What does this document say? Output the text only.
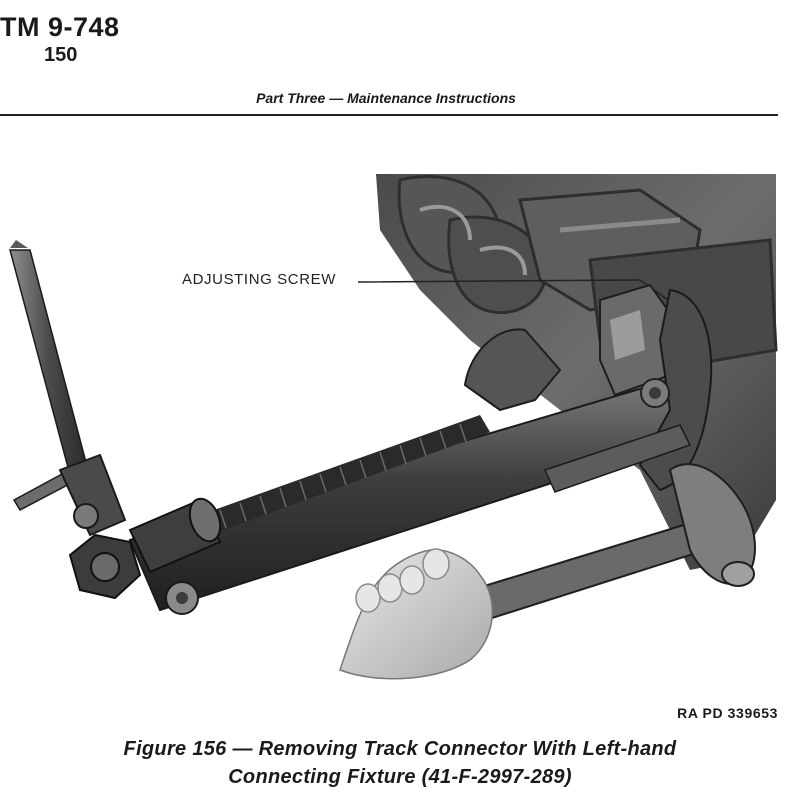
TM 9-748
150
Part Three — Maintenance Instructions
ADJUSTING SCREW
RA PD 339653
Figure 156 — Removing Track Connector With Left-hand
Connecting Fixture (41-F-2997-289)
